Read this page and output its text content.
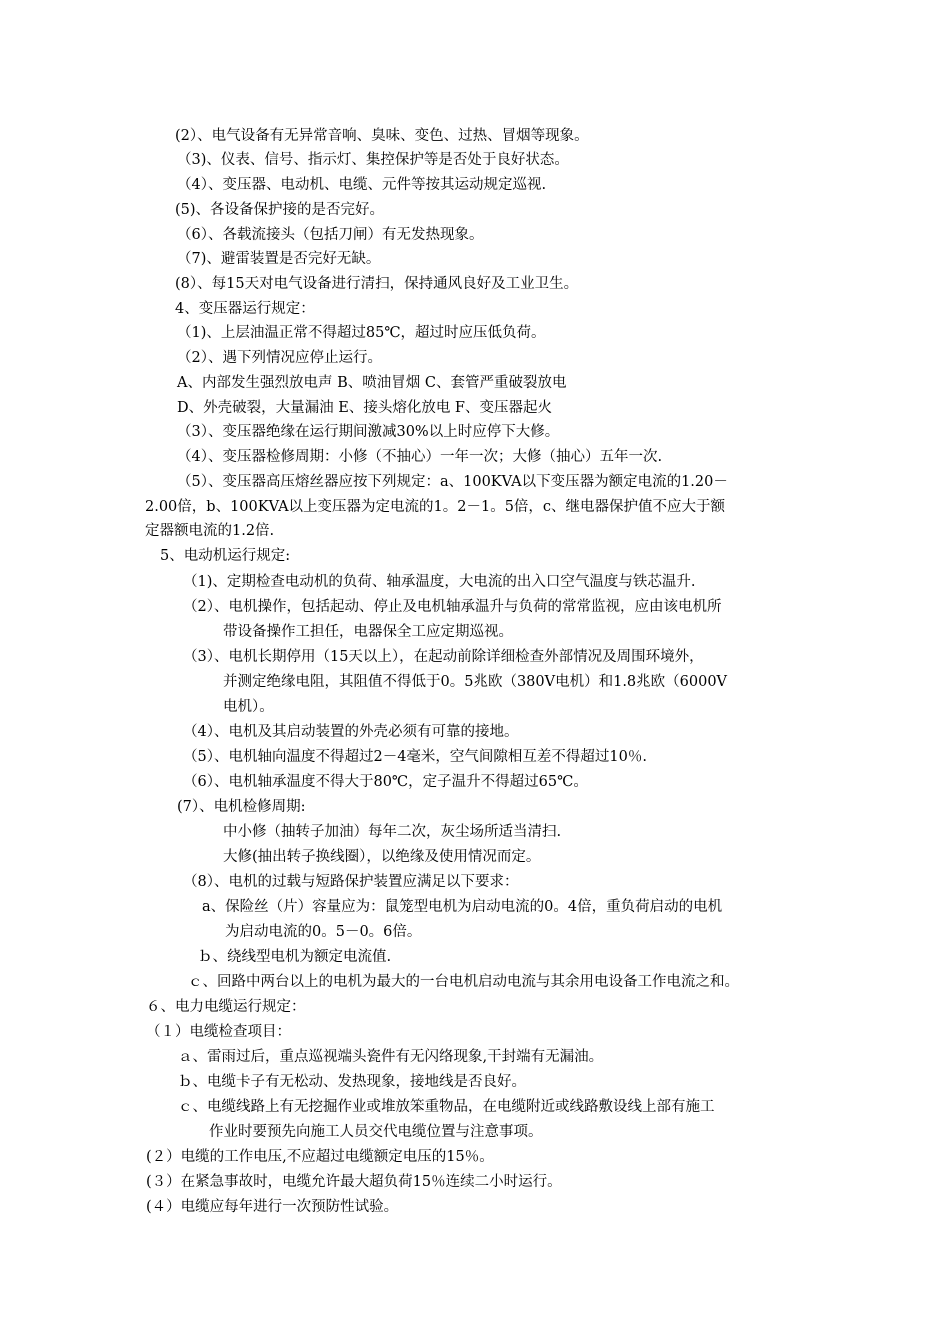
(2）、电气设备有无异常音响、臭味、变色、过热、冒烟等现象。
（3)、仪表、信号、指示灯、集控保护等是否处于良好状态。
（4）、变压器、电动机、电缆、元件等按其运动规定巡视.
(5)、各设备保护接的是否完好。
（6）、各载流接头（包括刀闸）有无发热现象。
（7)、避雷装置是否完好无缺。
(8）、每15天对电气设备进行清扫，保持通风良好及工业卫生。
4、变压器运行规定：
（1)、上层油温正常不得超过85℃，超过时应压低负荷。
（2）、遇下列情况应停止运行。
A、内部发生强烈放电声 B、喷油冒烟 C、套管严重破裂放电
D、外壳破裂，大量漏油 E、接头熔化放电 F、变压器起火
（3）、变压器绝缘在运行期间激减30%以上时应停下大修。
（4）、变压器检修周期：小修（不抽心）一年一次；大修（抽心）五年一次.
（5）、变压器高压熔丝器应按下列规定：a、100KVA以下变压器为额定电流的1.20－
2.00倍，b、100KVA以上变压器为定电流的1。2－1。5倍，c、继电器保护值不应大于额
定器额电流的1.2倍.
5、电动机运行规定:
（1)、定期检查电动机的负荷、轴承温度，大电流的出入口空气温度与铁芯温升.
（2）、电机操作，包括起动、停止及电机轴承温升与负荷的常常监视，应由该电机所
带设备操作工担任，电器保全工应定期巡视。
（3）、电机长期停用（15天以上），在起动前除详细检查外部情况及周围环境外，
并测定绝缘电阻，其阻值不得低于0。5兆欧（380V电机）和1.8兆欧（6000V
电机）。
（4）、电机及其启动装置的外壳必须有可靠的接地。
（5）、电机轴向温度不得超过2－4毫米，空气间隙相互差不得超过10％.
（6）、电机轴承温度不得大于80℃，定子温升不得超过65℃。
(7）、电机检修周期:
中小修（抽转子加油）每年二次，灰尘场所适当清扫.
大修(抽出转子换线圈），以绝缘及使用情况而定。
（8）、电机的过载与短路保护装置应满足以下要求：
a、保险丝（片）容量应为：鼠笼型电机为启动电流的0。4倍，重负荷启动的电机
为启动电流的0。5－0。6倍。
ｂ、绕线型电机为额定电流值.
ｃ、回路中两台以上的电机为最大的一台电机启动电流与其余用电设备工作电流之和。
６、电力电缆运行规定：
（１）电缆检查项目：
ａ、雷雨过后，重点巡视端头瓷件有无闪络现象,干封端有无漏油。
ｂ、电缆卡子有无松动、发热现象，接地线是否良好。
ｃ、电缆线路上有无挖掘作业或堆放笨重物品，在电缆附近或线路敷设线上部有施工
作业时要预先向施工人员交代电缆位置与注意事项。
(２）电缆的工作电压,不应超过电缆额定电压的15％。
(３）在紧急事故时，电缆允许最大超负荷15％连续二小时运行。
(４）电缆应每年进行一次预防性试验。
